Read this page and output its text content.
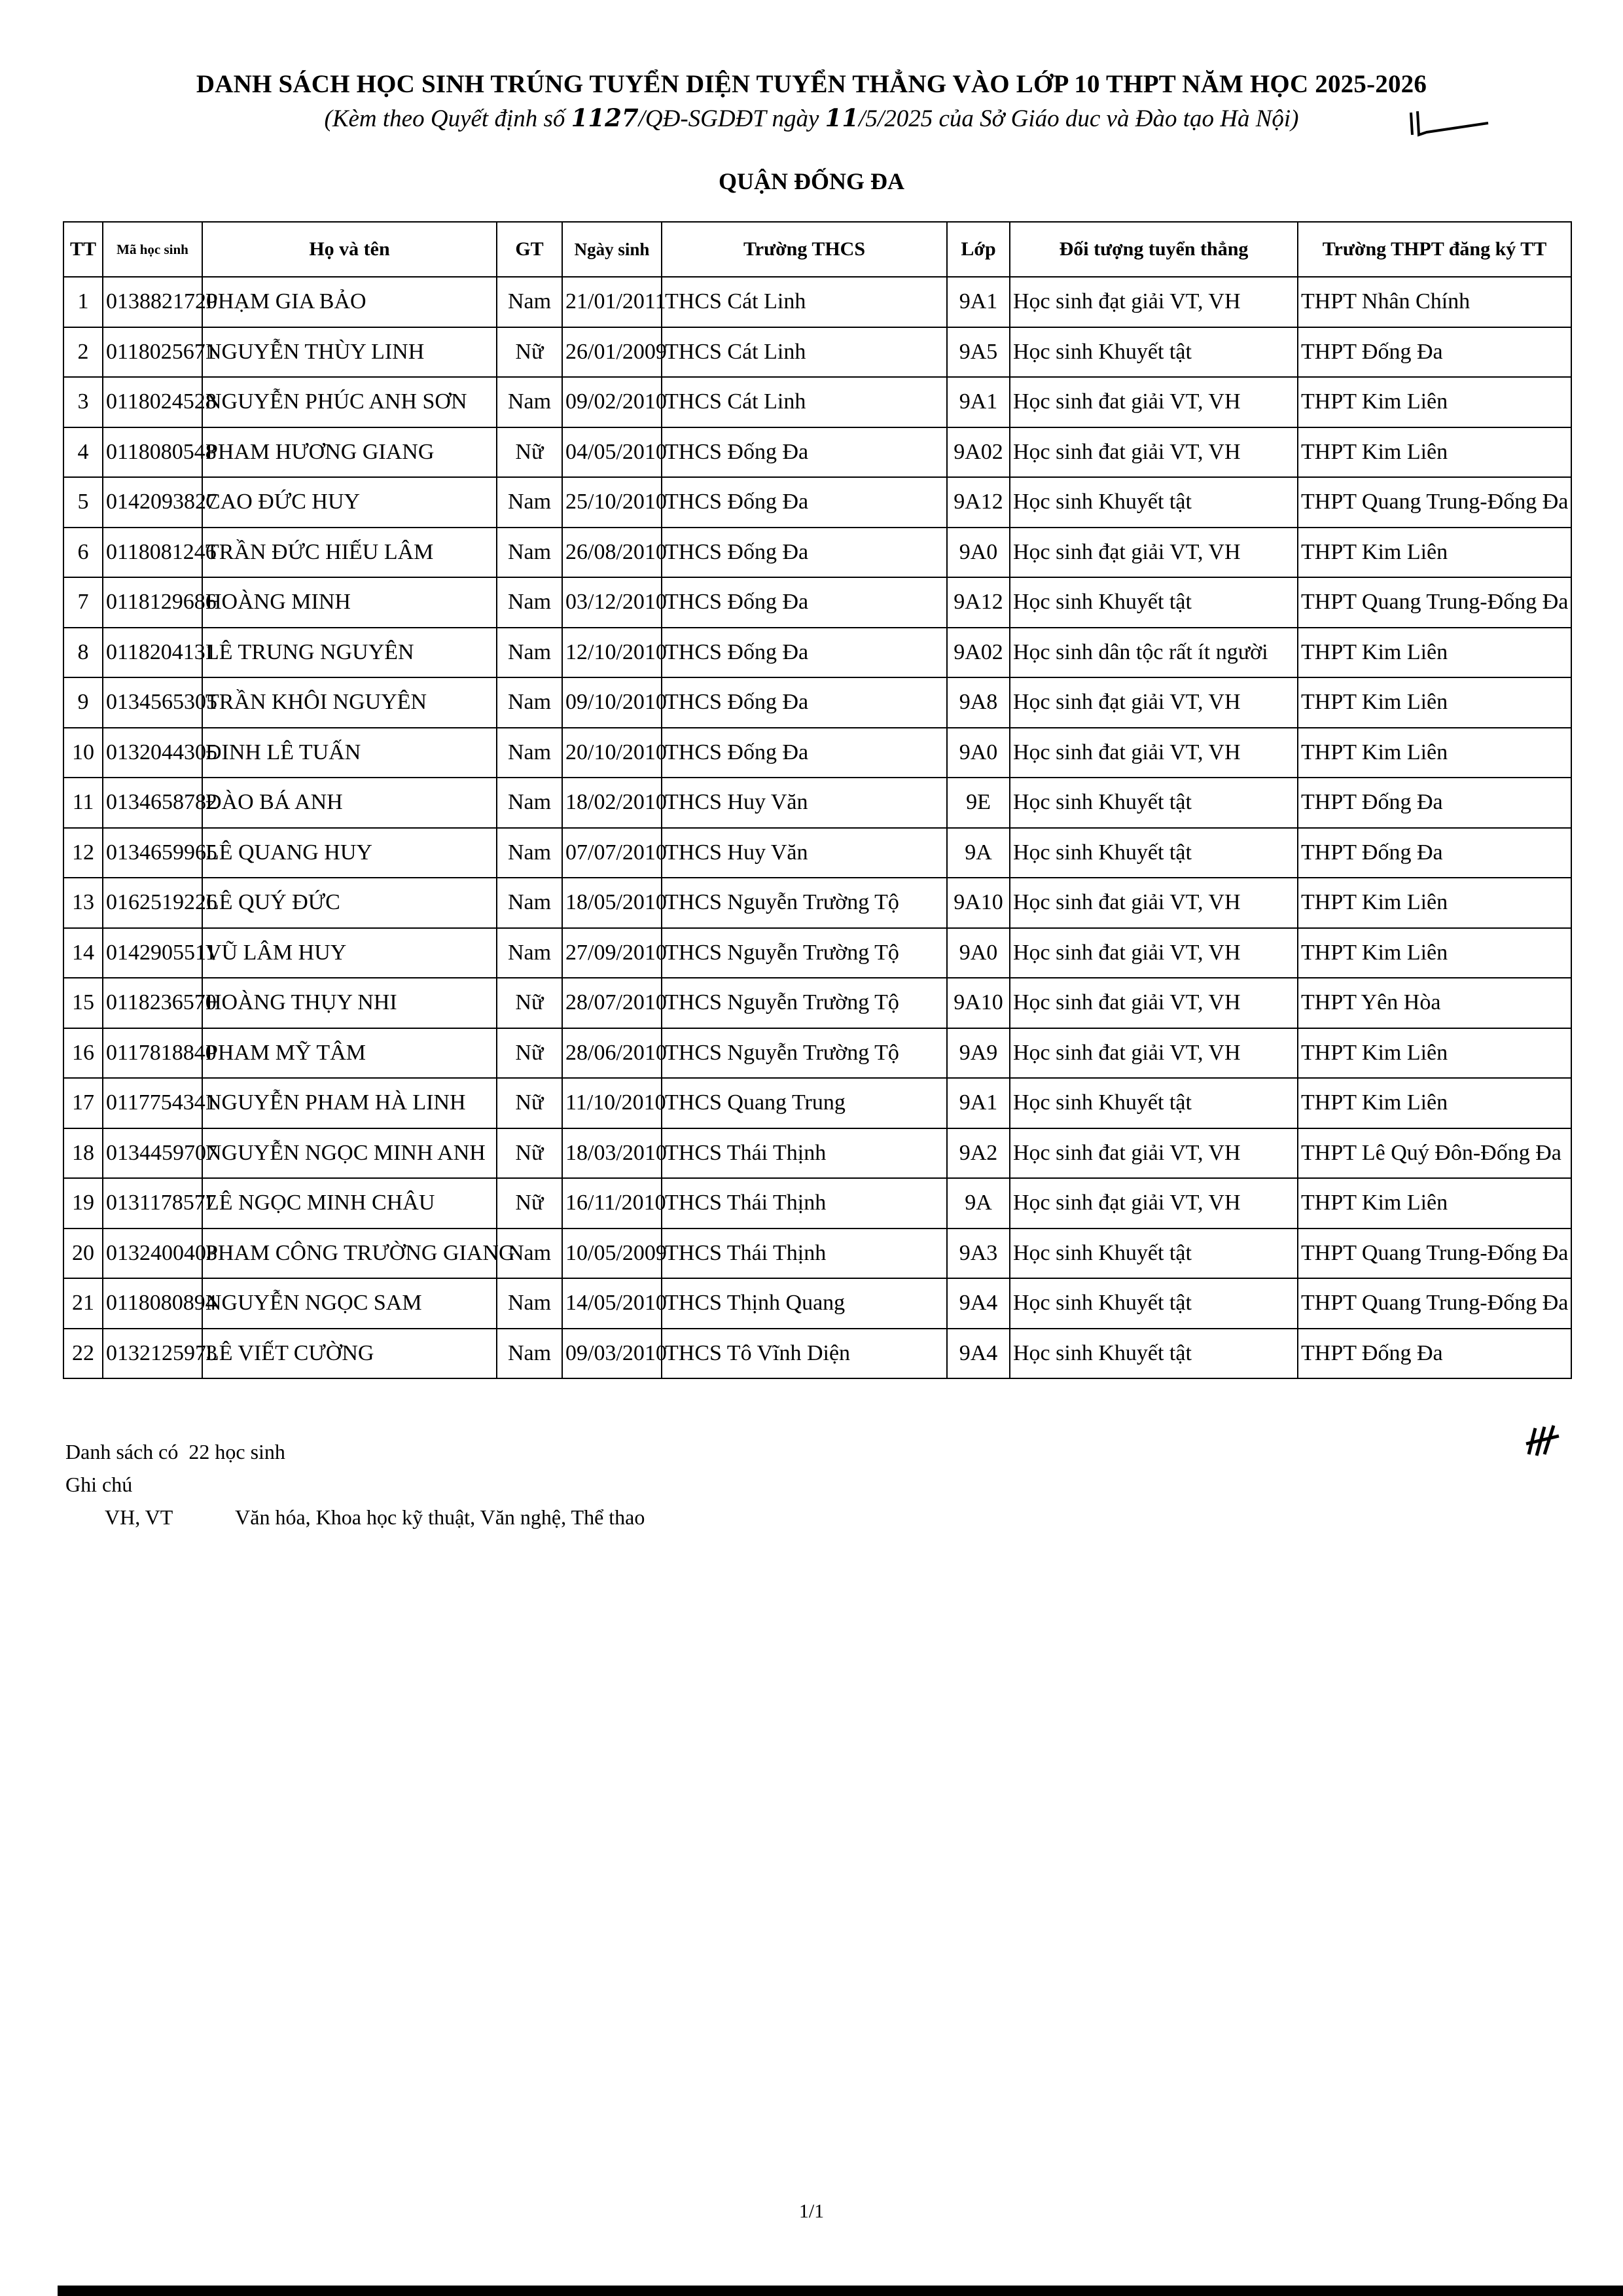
DANH SÁCH HỌC SINH TRÚNG TUYỂN DIỆN TUYỂN THẲNG VÀO LỚP 10 THPT NĂM HỌC 2025-2026
(Kèm theo Quyết định số 1127/QĐ-SGDĐT ngày 11/5/2025 của Sở Giáo duc và Đào tạo Hà Nội)
QUẬN ĐỐNG ĐA
TT	Mã học sinh	Họ và tên	GT	Ngày sinh	Trường THCS	Lớp	Đối tượng tuyển thẳng	Trường THPT đăng ký TT
1	0138821720	PHẠM GIA BẢO	Nam	21/01/2011	THCS Cát Linh	9A1	Học sinh đạt giải VT, VH	THPT Nhân Chính
2	0118025671	NGUYỄN THÙY LINH	Nữ	26/01/2009	THCS Cát Linh	9A5	Học sinh Khuyết tật	THPT Đống Đa
3	0118024528	NGUYỄN PHÚC ANH SƠN	Nam	09/02/2010	THCS Cát Linh	9A1	Học sinh đat giải VT, VH	THPT Kim Liên
4	0118080548	PHAM HƯƠNG GIANG	Nữ	04/05/2010	THCS Đống Đa	9A02	Học sinh đat giải VT, VH	THPT Kim Liên
5	0142093827	CAO ĐỨC HUY	Nam	25/10/2010	THCS Đống Đa	9A12	Học sinh Khuyết tật	THPT Quang Trung-Đống Đa
6	0118081246	TRẦN ĐỨC HIẾU LÂM	Nam	26/08/2010	THCS Đống Đa	9A0	Học sinh đạt giải VT, VH	THPT Kim Liên
7	0118129686	HOÀNG MINH	Nam	03/12/2010	THCS Đống Đa	9A12	Học sinh Khuyết tật	THPT Quang Trung-Đống Đa
8	0118204131	LÊ TRUNG NGUYÊN	Nam	12/10/2010	THCS Đống Đa	9A02	Học sinh dân tộc rất ít người	THPT Kim Liên
9	0134565305	TRẦN KHÔI NGUYÊN	Nam	09/10/2010	THCS Đống Đa	9A8	Học sinh đạt giải VT, VH	THPT Kim Liên
10	0132044305	ĐINH LÊ TUẤN	Nam	20/10/2010	THCS Đống Đa	9A0	Học sinh đat giải VT, VH	THPT Kim Liên
11	0134658782	ĐÀO BÁ ANH	Nam	18/02/2010	THCS Huy Văn	9E	Học sinh Khuyết tật	THPT Đống Đa
12	0134659965	LÊ QUANG HUY	Nam	07/07/2010	THCS Huy Văn	9A	Học sinh Khuyết tật	THPT Đống Đa
13	0162519226	LÊ QUÝ ĐỨC	Nam	18/05/2010	THCS Nguyễn Trường Tộ	9A10	Học sinh đat giải VT, VH	THPT Kim Liên
14	0142905511	VŨ LÂM HUY	Nam	27/09/2010	THCS Nguyễn Trường Tộ	9A0	Học sinh đat giải VT, VH	THPT Kim Liên
15	0118236570	HOÀNG THỤY NHI	Nữ	28/07/2010	THCS Nguyễn Trường Tộ	9A10	Học sinh đat giải VT, VH	THPT Yên Hòa
16	0117818840	PHAM MỸ TÂM	Nữ	28/06/2010	THCS Nguyễn Trường Tộ	9A9	Học sinh đat giải VT, VH	THPT Kim Liên
17	0117754341	NGUYỄN PHAM HÀ LINH	Nữ	11/10/2010	THCS Quang Trung	9A1	Học sinh Khuyết tật	THPT Kim Liên
18	0134459707	NGUYỄN NGỌC MINH ANH	Nữ	18/03/2010	THCS Thái Thịnh	9A2	Học sinh đat giải VT, VH	THPT Lê Quý Đôn-Đống Đa
19	0131178577	LÊ NGỌC MINH CHÂU	Nữ	16/11/2010	THCS Thái Thịnh	9A	Học sinh đạt giải VT, VH	THPT Kim Liên
20	0132400403	PHAM CÔNG TRƯỜNG GIANG	Nam	10/05/2009	THCS Thái Thịnh	9A3	Học sinh Khuyết tật	THPT Quang Trung-Đống Đa
21	0118080894	NGUYỄN NGỌC SAM	Nam	14/05/2010	THCS Thịnh Quang	9A4	Học sinh Khuyết tật	THPT Quang Trung-Đống Đa
22	0132125973	LÊ VIẾT CƯỜNG	Nam	09/03/2010	THCS Tô Vĩnh Diện	9A4	Học sinh Khuyết tật	THPT Đống Đa
Danh sách có 22 học sinh
Ghi chú
VH, VT	Văn hóa, Khoa học kỹ thuật, Văn nghệ, Thể thao
1/1
